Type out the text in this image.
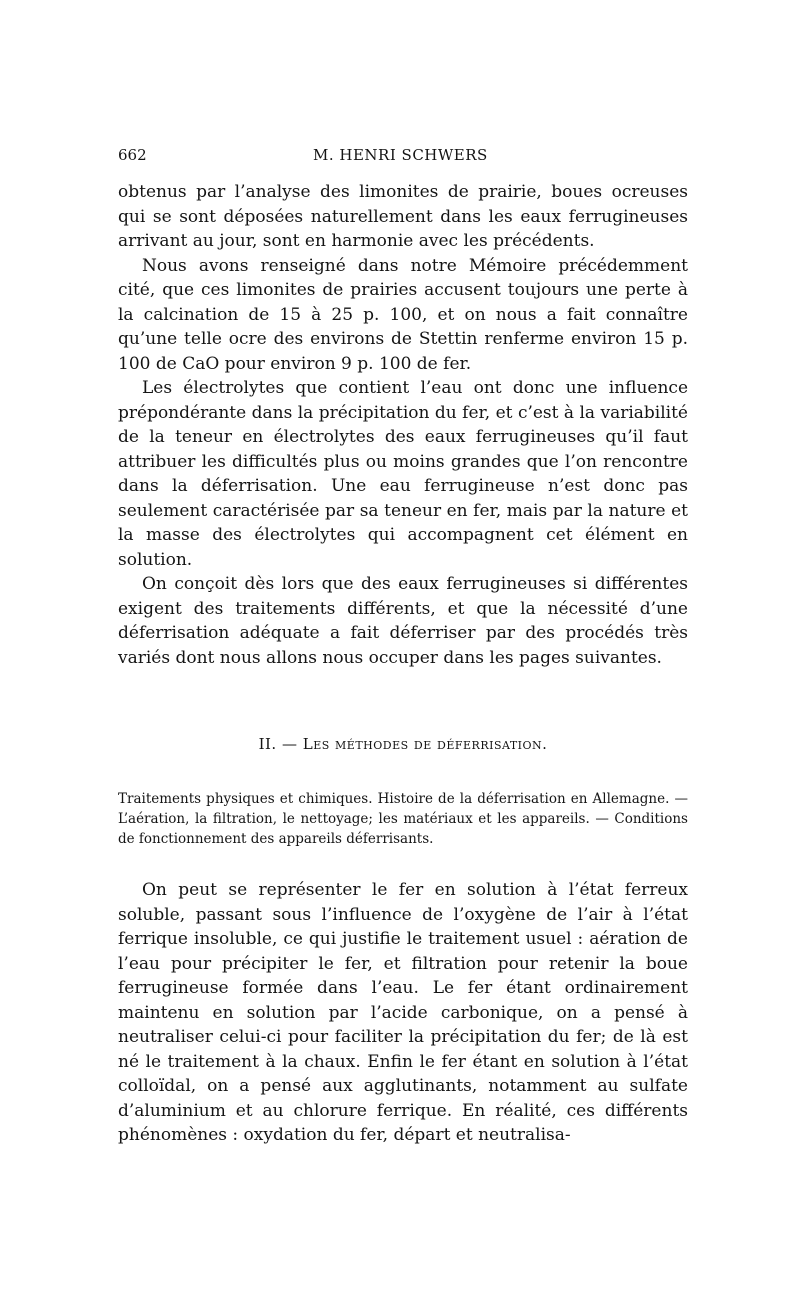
662	M. HENRI SCHWERS

obtenus par l’analyse des limonites de prairie, boues ocreuses qui se sont déposées naturellement dans les eaux ferrugineuses arrivant au jour, sont en harmonie avec les précédents.

Nous avons renseigné dans notre Mémoire précédemment cité, que ces limonites de prairies accusent toujours une perte à la calcination de 15 à 25 p. 100, et on nous a fait connaître qu’une telle ocre des environs de Stettin renferme environ 15 p. 100 de CaO pour environ 9 p. 100 de fer.

Les électrolytes que contient l’eau ont donc une influence prépondérante dans la précipitation du fer, et c’est à la variabilité de la teneur en électrolytes des eaux ferrugineuses qu’il faut attribuer les difficultés plus ou moins grandes que l’on rencontre dans la déferrisation. Une eau ferrugineuse n’est donc pas seulement caractérisée par sa teneur en fer, mais par la nature et la masse des électrolytes qui accompagnent cet élément en solution.

On conçoit dès lors que des eaux ferrugineuses si différentes exigent des traitements différents, et que la nécessité d’une déferrisation adéquate a fait déferriser par des procédés très variés dont nous allons nous occuper dans les pages suivantes.

II. — Les méthodes de déferrisation.

Traitements physiques et chimiques. Histoire de la déferrisation en Allemagne. — L’aération, la filtration, le nettoyage; les matériaux et les appareils. — Conditions de fonctionnement des appareils déferrisants.

On peut se représenter le fer en solution à l’état ferreux soluble, passant sous l’influence de l’oxygène de l’air à l’état ferrique insoluble, ce qui justifie le traitement usuel : aération de l’eau pour précipiter le fer, et filtration pour retenir la boue ferrugineuse formée dans l’eau. Le fer étant ordinairement maintenu en solution par l’acide carbonique, on a pensé à neutraliser celui-ci pour faciliter la précipitation du fer; de là est né le traitement à la chaux. Enfin le fer étant en solution à l’état colloïdal, on a pensé aux agglutinants, notamment au sulfate d’aluminium et au chlorure ferrique. En réalité, ces différents phénomènes : oxydation du fer, départ et neutralisa-
